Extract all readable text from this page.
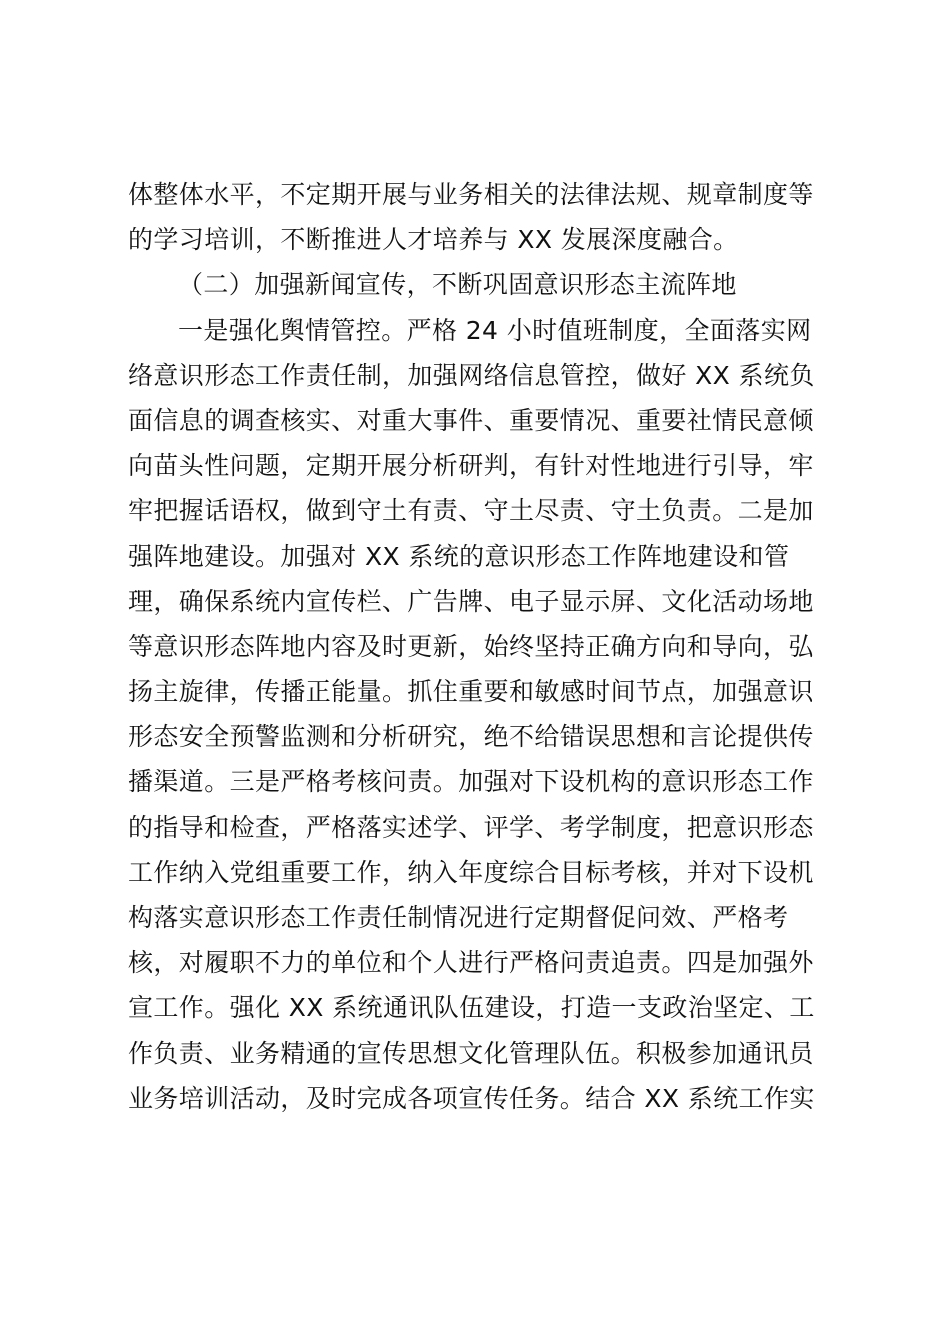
体整体水平，不定期开展与业务相关的法律法规、规章制度等
的学习培训，不断推进人才培养与 XX 发展深度融合。
（二）加强新闻宣传，不断巩固意识形态主流阵地
一是强化舆情管控。严格 24 小时值班制度，全面落实网
络意识形态工作责任制，加强网络信息管控，做好 XX 系统负
面信息的调查核实、对重大事件、重要情况、重要社情民意倾
向苗头性问题，定期开展分析研判，有针对性地进行引导，牢
牢把握话语权，做到守土有责、守土尽责、守土负责。二是加
强阵地建设。加强对 XX 系统的意识形态工作阵地建设和管
理，确保系统内宣传栏、广告牌、电子显示屏、文化活动场地
等意识形态阵地内容及时更新，始终坚持正确方向和导向，弘
扬主旋律，传播正能量。抓住重要和敏感时间节点，加强意识
形态安全预警监测和分析研究，绝不给错误思想和言论提供传
播渠道。三是严格考核问责。加强对下设机构的意识形态工作
的指导和检查，严格落实述学、评学、考学制度，把意识形态
工作纳入党组重要工作，纳入年度综合目标考核，并对下设机
构落实意识形态工作责任制情况进行定期督促问效、严格考
核，对履职不力的单位和个人进行严格问责追责。四是加强外
宣工作。强化 XX 系统通讯队伍建设，打造一支政治坚定、工
作负责、业务精通的宣传思想文化管理队伍。积极参加通讯员
业务培训活动，及时完成各项宣传任务。结合 XX 系统工作实
